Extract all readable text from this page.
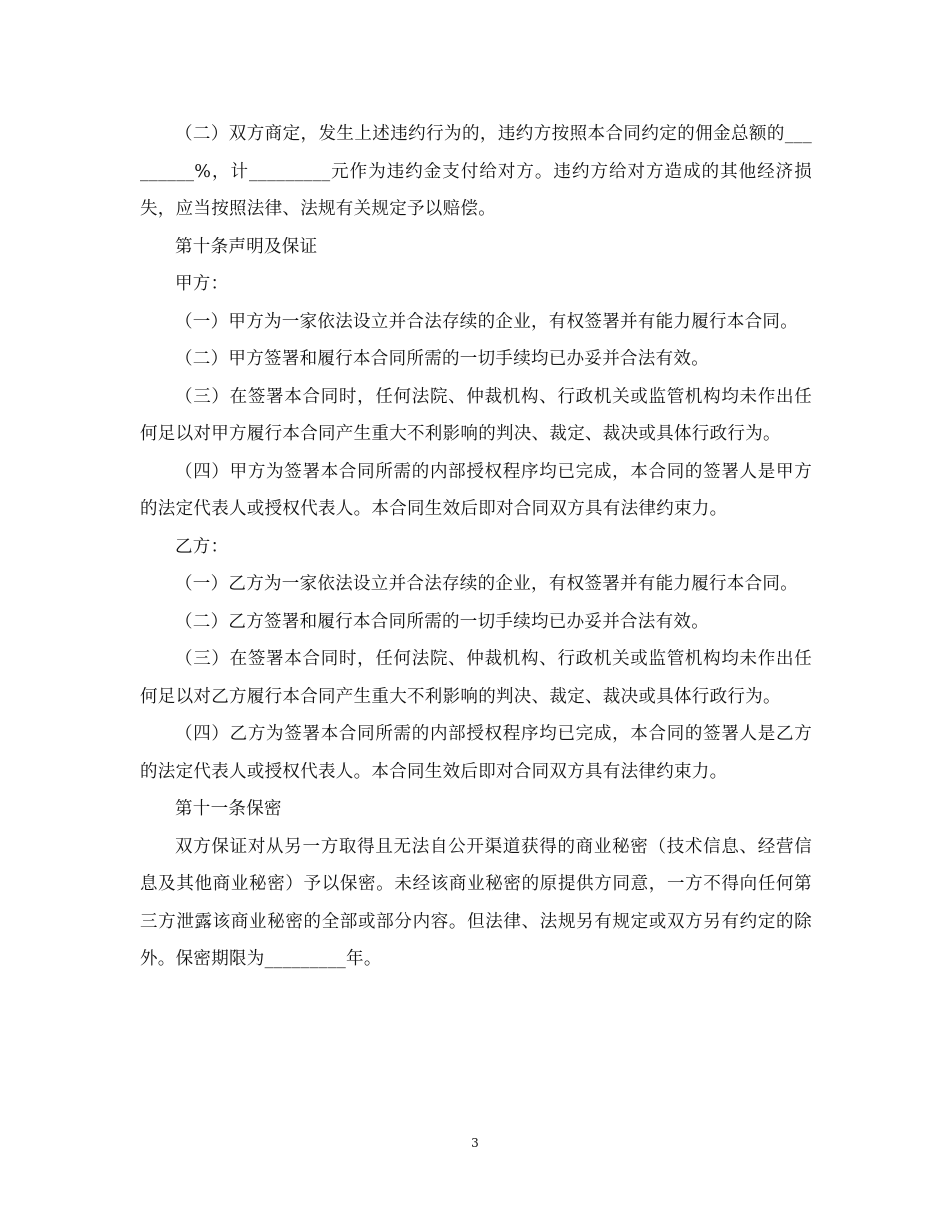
（二）双方商定，发生上述违约行为的，违约方按照本合同约定的佣金总额的_________%，计_________元作为违约金支付给对方。违约方给对方造成的其他经济损失，应当按照法律、法规有关规定予以赔偿。

第十条声明及保证

甲方：

（一）甲方为一家依法设立并合法存续的企业，有权签署并有能力履行本合同。

（二）甲方签署和履行本合同所需的一切手续均已办妥并合法有效。

（三）在签署本合同时，任何法院、仲裁机构、行政机关或监管机构均未作出任何足以对甲方履行本合同产生重大不利影响的判决、裁定、裁决或具体行政行为。

（四）甲方为签署本合同所需的内部授权程序均已完成，本合同的签署人是甲方的法定代表人或授权代表人。本合同生效后即对合同双方具有法律约束力。

乙方：

（一）乙方为一家依法设立并合法存续的企业，有权签署并有能力履行本合同。

（二）乙方签署和履行本合同所需的一切手续均已办妥并合法有效。

（三）在签署本合同时，任何法院、仲裁机构、行政机关或监管机构均未作出任何足以对乙方履行本合同产生重大不利影响的判决、裁定、裁决或具体行政行为。

（四）乙方为签署本合同所需的内部授权程序均已完成，本合同的签署人是乙方的法定代表人或授权代表人。本合同生效后即对合同双方具有法律约束力。

第十一条保密

双方保证对从另一方取得且无法自公开渠道获得的商业秘密（技术信息、经营信息及其他商业秘密）予以保密。未经该商业秘密的原提供方同意，一方不得向任何第三方泄露该商业秘密的全部或部分内容。但法律、法规另有规定或双方另有约定的除外。保密期限为_________年。

3
